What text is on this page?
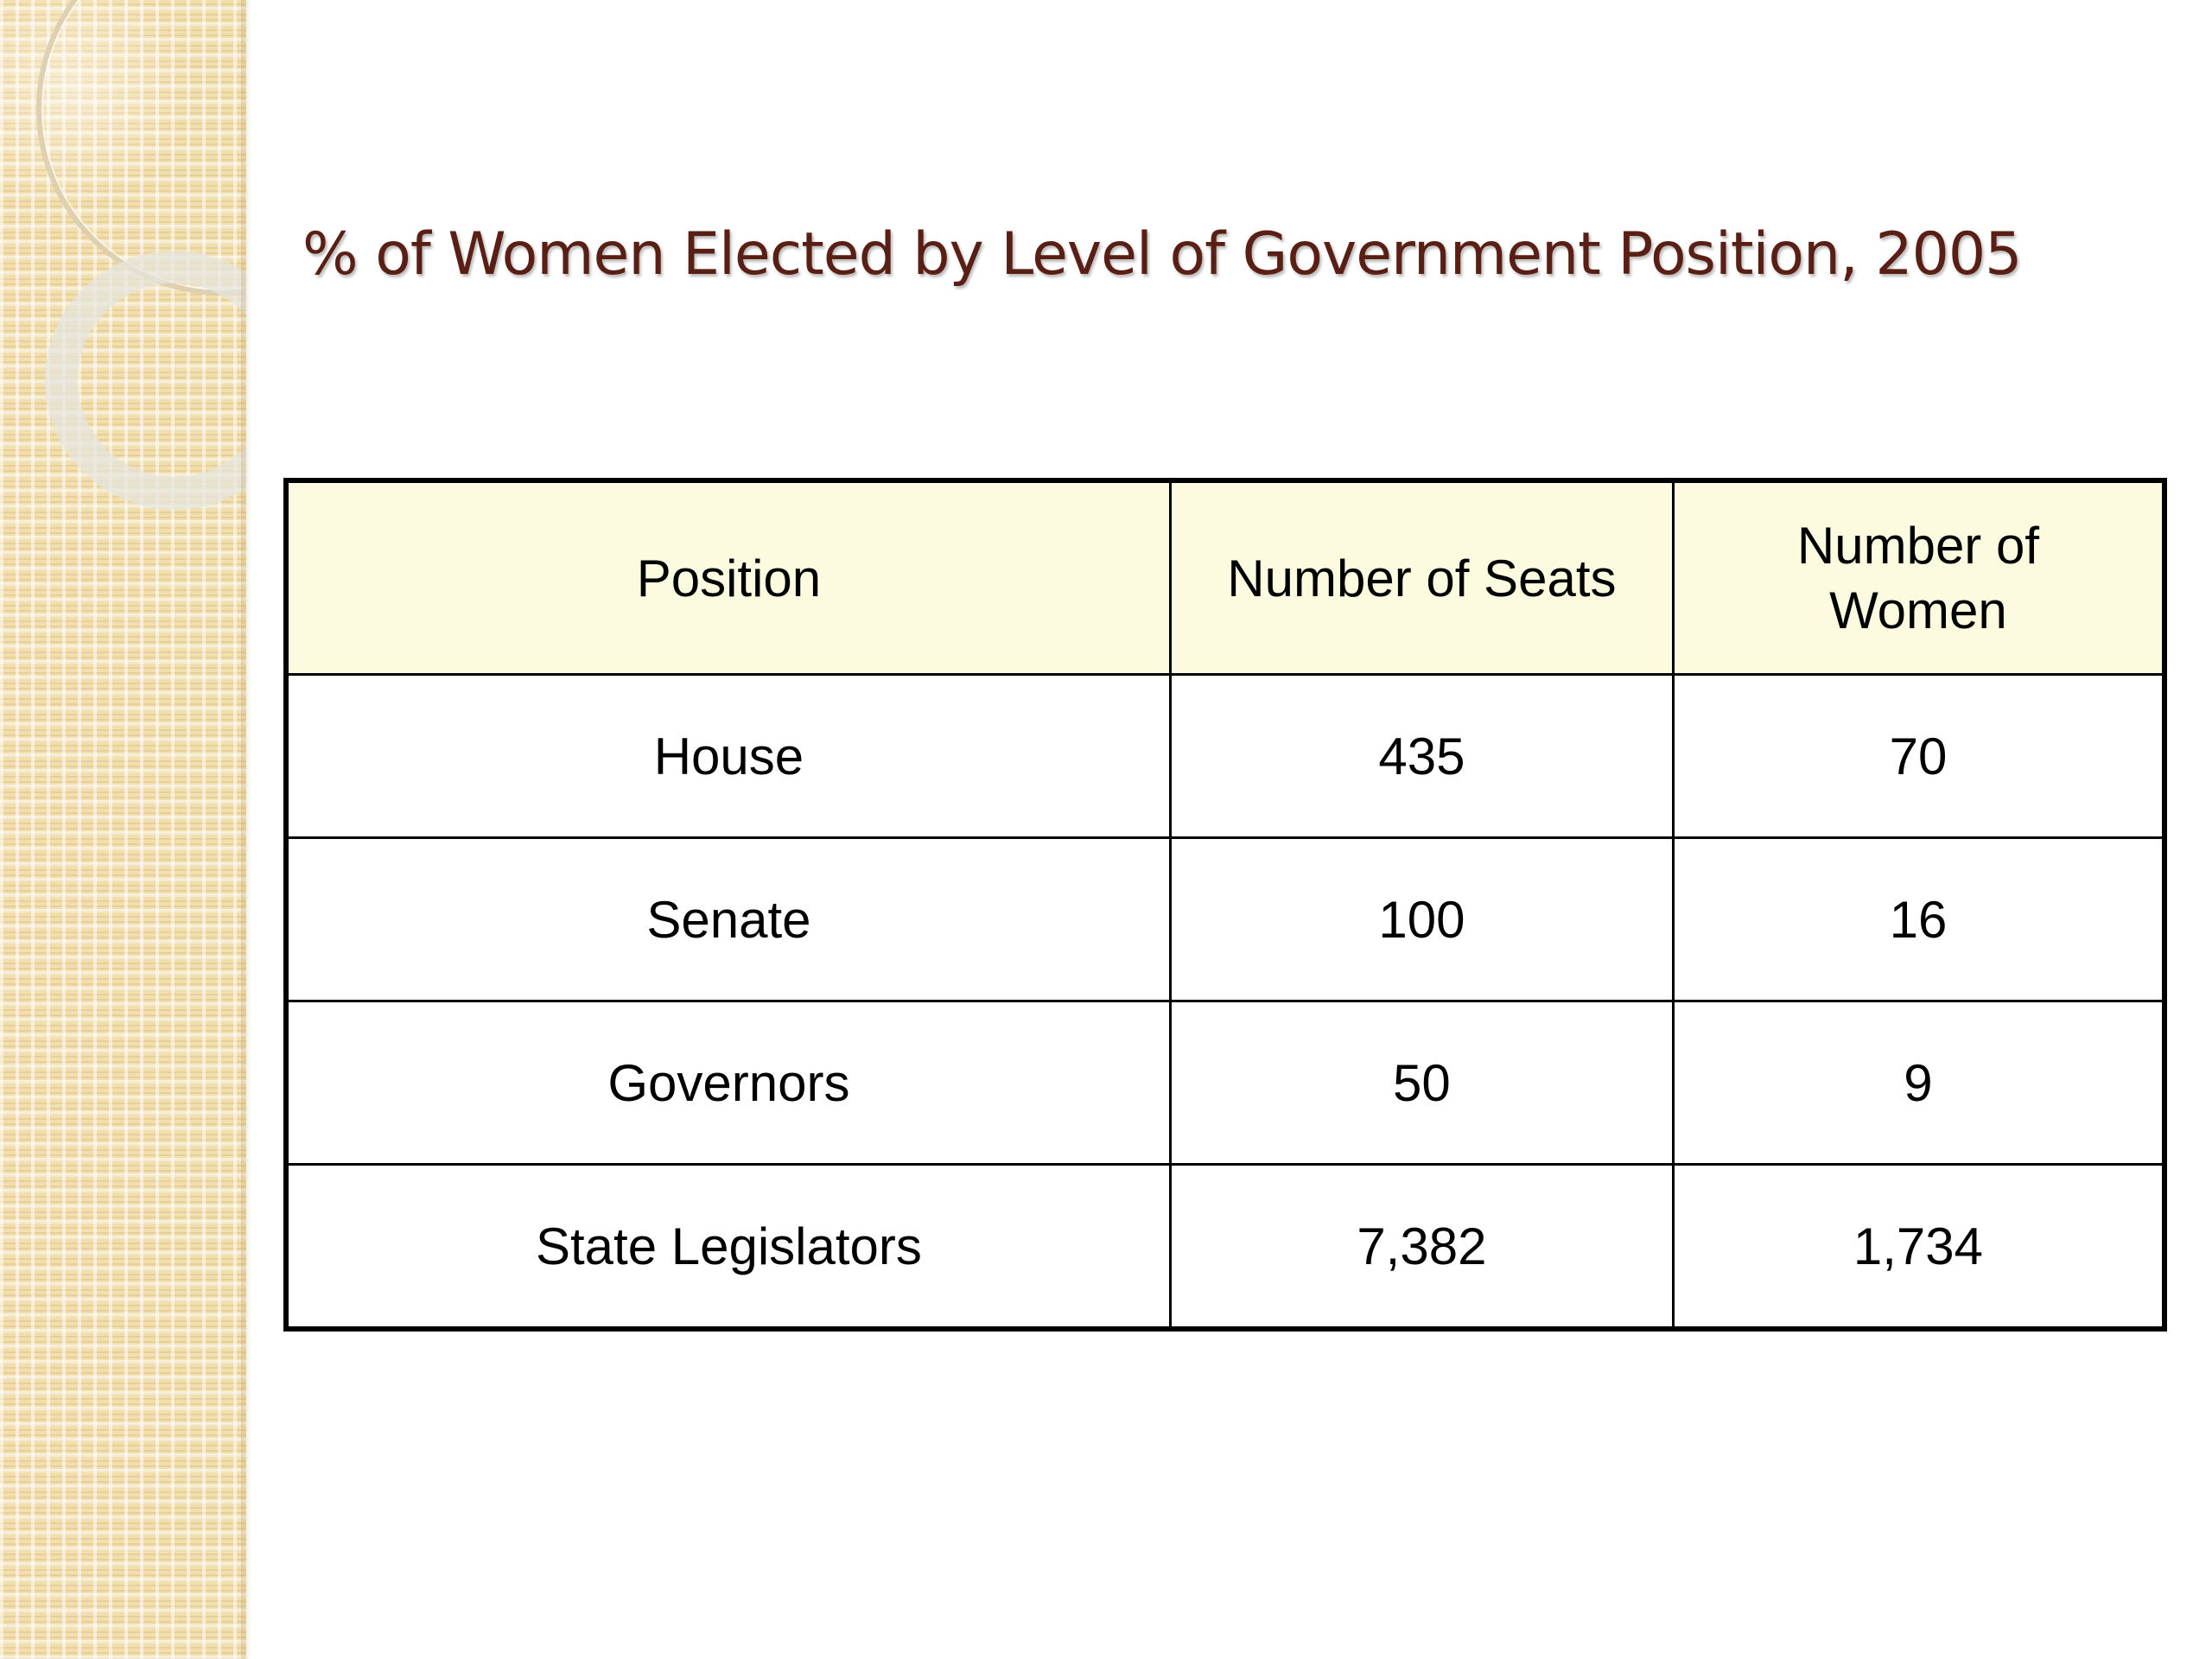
% of Women Elected by Level of Government Position, 2005
Position	Number of Seats	Number of Women

House	435	70
Senate	100	16
Governors	50	9
State Legislators	7,382	1,734
